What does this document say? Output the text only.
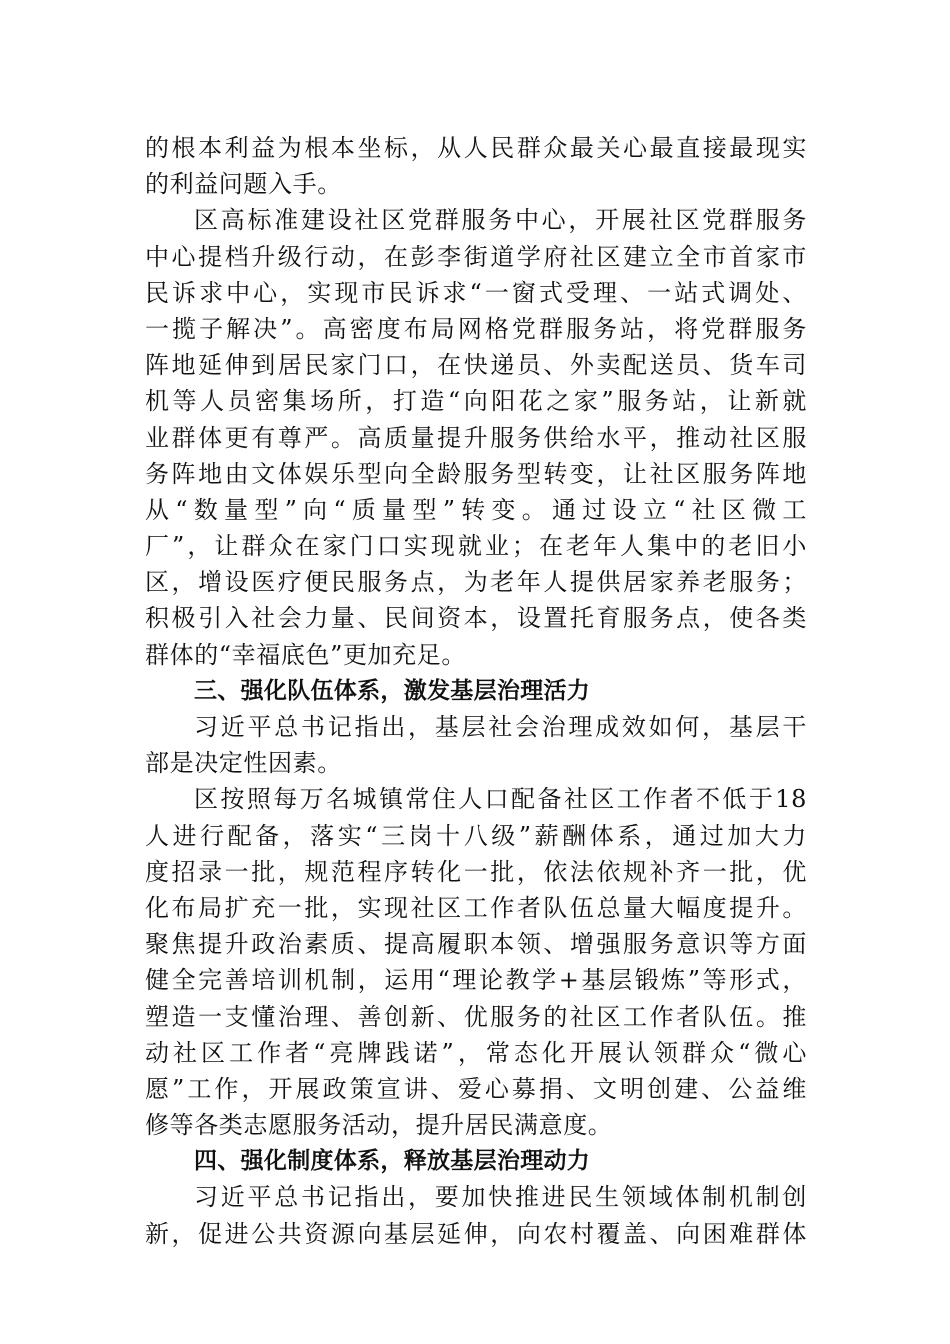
的根本利益为根本坐标，从人民群众最关心最直接最现实
的利益问题入手。
区高标准建设社区党群服务中心，开展社区党群服务
中心提档升级行动，在彭李街道学府社区建立全市首家市
民诉求中心，实现市民诉求“一窗式受理、一站式调处、
一揽子解决”。高密度布局网格党群服务站，将党群服务
阵地延伸到居民家门口，在快递员、外卖配送员、货车司
机等人员密集场所，打造“向阳花之家”服务站，让新就
业群体更有尊严。高质量提升服务供给水平，推动社区服
务阵地由文体娱乐型向全龄服务型转变，让社区服务阵地
从“数量型”向“质量型”转变。通过设立“社区微工
厂”，让群众在家门口实现就业；在老年人集中的老旧小
区，增设医疗便民服务点，为老年人提供居家养老服务；
积极引入社会力量、民间资本，设置托育服务点，使各类
群体的“幸福底色”更加充足。
三、强化队伍体系，激发基层治理活力
习近平总书记指出，基层社会治理成效如何，基层干
部是决定性因素。
区按照每万名城镇常住人口配备社区工作者不低于18
人进行配备，落实“三岗十八级”薪酬体系，通过加大力
度招录一批，规范程序转化一批，依法依规补齐一批，优
化布局扩充一批，实现社区工作者队伍总量大幅度提升。
聚焦提升政治素质、提高履职本领、增强服务意识等方面
健全完善培训机制，运用“理论教学+基层锻炼”等形式，
塑造一支懂治理、善创新、优服务的社区工作者队伍。推
动社区工作者“亮牌践诺”，常态化开展认领群众“微心
愿”工作，开展政策宣讲、爱心募捐、文明创建、公益维
修等各类志愿服务活动，提升居民满意度。
四、强化制度体系，释放基层治理动力
习近平总书记指出，要加快推进民生领域体制机制创
新，促进公共资源向基层延伸，向农村覆盖、向困难群体
